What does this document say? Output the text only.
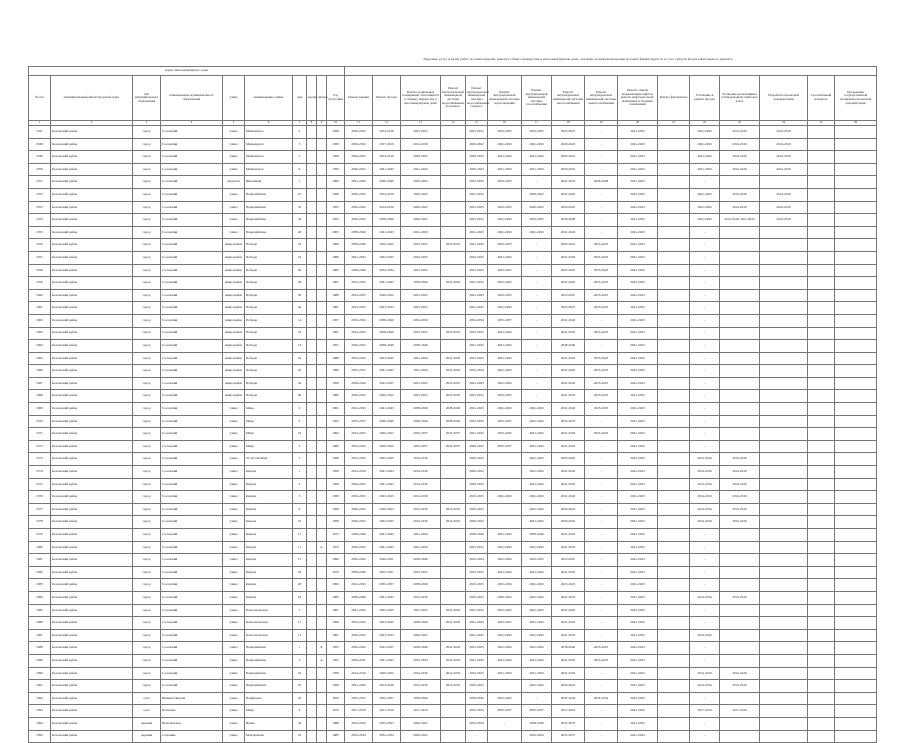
Перечень услуг и (или) работ по капитальному ремонту общего имущества в многоквартирном доме, оказание и (или) выполнение которых финансируется за счет средств фонда капитального ремонта
Адрес многоквартирного дома																									
№ п/п	муниципальный район/городской округ	тип муниципального образования	наименование муниципального образования	улица	наименование улицы	дом	корпус	литера	Год постройки	Ремонт крыши	Ремонт фасада	Ремонт подвальных помещений, относящихся к общему имуществу в многоквартирном доме	Ремонт внутридомовой инженерной системы водоснабжения: холодного	Ремонт внутридомовой инженерной системы водоснабжения: горячего	Ремонт внутридомовой инженерной системы водоотведения	Ремонт внутридомовой инженерной системы газоснабжения	Ремонт внутридомовой инженерной системы теплоснабжения	Ремонт внутридомовой инженерной системы электроснабжения	Ремонт, замена модернизация лифтов, ремонт лифтовых шахт, машинных и блочных помещений	Ремонт фундамента	Утепление и ремонт фасада	Установка коллективных (общедомовых) приборов учета	Разработка проектной документации	Строительный контроль	Проведение государственной экспертизы проектной документации
1	2	3	4	5	6	7	8	9	10	11	12	13	14	15	16	17	18	19	20	21	22	23	24	25	26
2347	Козельский район	город	Сосенский	улица	Маяковского	2			1958	2020-2022	2014-2016	2023-2025		2023-2025	2023-2025	2023-2025	2023-2025	-	2041-2043		2041-2043	2014-2016	2014-2016		
2348	Козельский район	город	Сосенский	улица	Маяковского	3			1958	2020-2022	2017-2019	2014-2016		2020-2022	2041-2043	2041-2043	2020-2022	-	2041-2043		2041-2043	2014-2016	2014-2016		
2349	Козельский район	город	Сосенский	улица	Маяковского	5			1958	2020-2022	2014-2016	2020-2022		2020-2022	2041-2043	2041-2043	2020-2022	-	2041-2043		2041-2043	2014-2016	2014-2016		
2350	Козельский район	город	Сосенский	улица	Маяковского	6			1956	2020-2022	2041-2043	2041-2043		2020-2022	2041-2043	2041-2043	2020-2022	-	2041-2043		2041-2043	2014-2016	2014-2016		
2351	Козельский район	город	Сосенский	переулок	Школьный	1			1960	2041-2043	2038-2040	2020-2022		2023-2025	2023-2025	-	2041-2043	2026-2028	2041-2043		-				
2352	Козельский район	город	Сосенский	улица	Первомайская	27			1958	2020-2022	2014-2016	2020-2022		2023-2025		2020-2022	2041-2043	-	2041-2043		2041-2043	2014-2016	2014-2016		
2353	Козельский район	город	Сосенский	улица	Первомайская	32			1955	2020-2022	2014-2016	2020-2022		2023-2025	2023-2025	2020-2022	2020-2022	-	2041-2043		2041-2043	2014-2016	2014-2016		
2354	Козельский район	город	Сосенский	улица	Первомайская	34			1953	2020-2022	2038-2040	2020-2022		2023-2025	2041-2043	2023-2025	2026-2028	-	2041-2043		2041-2043	2014-2016, 2021-2022	2014-2016		
2355	Козельский район	город	Сосенский	улица	Первомайская	40			2005	2038-2040	2041-2043	2041-2043		2041-2043	2041-2043	2041-2043	2041-2043	-	2041-2043		-				
2356	Козельский район	город	Сосенский	микрорайон	Победы	16			1968	2038-2040	2020-2022	2023-2025	2023-2025	2041-2043	2023-2025	-	2020-2022	2023-2025	2041-2043		-				
2357	Козельский район	город	Сосенский	микрорайон	Победы	24			1966	2041-2043	2023-2025	2023-2025		2023-2025	2041-2043	-	2041-2043	2023-2025	2041-2043		-				
2358	Козельский район	город	Сосенский	микрорайон	Победы	26			1985	2038-2040	2032-2034	2023-2025		2023-2025	2023-2025	-	2023-2025	2023-2025	2041-2043		-				
2359	Козельский район	город	Сосенский	микрорайон	Победы	29			1967	2023-2025	2041-2043	2038-2040	2041-2043	2023-2025	2023-2025	-	2041-2043	2023-2025	2041-2043		-				
2360	Козельский район	город	Сосенский	микрорайон	Победы	30			1988	2023-2025	2020-2022	2023-2025		2041-2043	2023-2025	-	2023-2025	2023-2025	2041-2043		-				
2361	Козельский район	город	Сосенский	микрорайон	Победы	44			1987	2023-2025	2023-2025	2023-2025		2041-2043	2041-2043	-	2023-2025	2023-2025	2041-2043		-				
2362	Козельский район	город	Сосенский	микрорайон	Победы	14			1957	2032-2034	2038-2040	2032-2034		2032-2034	2035-2037	-	2041-2043	-	2041-2043		-				
2363	Козельский район	город	Сосенский	микрорайон	Победы	16			1967	2023-2025	2038-2040	2023-2025	2023-2025	2023-2025	2041-2043	-	2041-2043	2023-2025	2041-2043		-				
2364	Козельский район	город	Сосенский	микрорайон	Победы	14			1957	2020-2022	2038-2040	2038-2040		2041-2043	2041-2043	-	2038-2040	-	2041-2043		-				
2365	Козельский район	город	Сосенский	микрорайон	Победы	18			1988	2023-2025	2023-2025	2041-2043	2041-2043	2023-2025	2041-2043	-	2041-2043	2023-2025	2041-2043		-				
2366	Козельский район	город	Сосенский	микрорайон	Победы	22			1999	2035-2037	2041-2043	2041-2043	2041-2043	2032-2034	2041-2043	-	2041-2043	2023-2025	2041-2043		-				
2367	Козельский район	город	Сосенский	микрорайон	Победы	34			1958	2038-2040	2023-2025	2023-2025	2023-2025	2041-2043	2041-2043	-	2041-2043	2023-2025	2041-2043		-				
2368	Козельский район	город	Сосенский	микрорайон	Победы	40			1980	2020-2022	2020-2022	2023-2025	2023-2025	2023-2025	2023-2025	-	2041-2043	2023-2025	2041-2043		-				
2369	Козельский район	город	Сосенский	улица	Мира	2			1961	2041-2043	2041-2043	2038-2040	2038-2040	2041-2043	2041-2043	2041-2043	2041-2043	2023-2025	2041-2043		-				
2370	Козельский район	город	Сосенский	улица	Мира	3			1953	2035-2037	2038-2040	2038-2040	2038-2040	2023-2025	2035-2037	2041-2043	2035-2037	-	2041-2043		-				
2371	Козельский район	город	Сосенский	улица	Мира	19			1964	2023-2025	2020-2022	2035-2037	2035-2037	2041-2043	2023-2025	2041-2043	2041-2043	2023-2025	2041-2043		-				
2372	Козельский район	город	Сосенский	улица	Мира	5			1982	2023-2025	2020-2022	2035-2037	2035-2037	2020-2022	2035-2037	2041-2043	2041-2043	-	2041-2043		-				
2373	Козельский район	город	Сосенский	улица	25 лет Октября	7			1958	2023-2025	2023-2025	2014-2016		2020-2022		2041-2043	2020-2022	-	2041-2043		2014-2016	2014-2016			
2374	Козельский район	город	Сосенский	улица	Кирова	1			1958	2014-2016	2041-2043	2014-2016		2020-2022		2041-2043	2041-2043	-	2041-2043		2014-2016	2014-2016			
2375	Козельский район	город	Сосенский	улица	Кирова	2			1958	2020-2022	2041-2043	2014-2016		2020-2022		2041-2043	2041-2043	-	2041-2043		2014-2016	2014-2016			
2376	Козельский район	город	Сосенский	улица	Кирова	3			1958	2023-2025	2023-2025	2014-2016		2023-2025	2041-2043	2041-2043	2041-2043	-	2041-2043		2014-2016	2014-2016			
2377	Козельский район	город	Сосенский	улица	Кирова	6			1958	2020-2022	2020-2022	2014-2016	2014-2016	2020-2022		2041-2043	2020-2022	-	2041-2043		2014-2016	2014-2016			
2378	Козельский район	город	Сосенский	улица	Кирова	10			1958	2020-2022	2023-2025	2014-2016	2014-2016	2020-2022		2041-2043	2020-2022	-	2041-2043		2014-2016	2014-2016			
2379	Козельский район	город	Сосенский	улица	Кирова	11			1973	2038-2040	2041-2043	2041-2043		2038-2040	2041-2043	2038-2040	2041-2043	-	2041-2043		-				
2380	Козельский район	город	Сосенский	улица	Кирова	11		А	1973	2020-2022	2041-2043	2041-2043		2023-2025	2041-2043	2041-2043	2041-2043	-	2041-2043		-				
2381	Козельский район	город	Сосенский	улица	Кирова	17			1990	2020-2022	2029-2031	2038-2040		2032-2034	2041-2043	2023-2025	2023-2025	-	2041-2043		-				
2382	Козельский район	город	Сосенский	улица	Кирова	18			1970	2038-2040	2035-2037	2023-2025		2023-2025	2041-2043	2041-2043	2041-2043	-	2041-2043		-				
2383	Козельский район	город	Сосенский	улица	Кирова	20			1995	2041-2043	2035-2037	2038-2040		2023-2025	2032-2034	2041-2043	2023-2025	-	2041-2043		-				
2384	Козельский район	город	Сосенский	улица	Кирова	24			1985	2038-2040	2041-2043	2014-2016		2020-2022	2020-2022	2041-2043	2041-2043	-	2041-2043		2014-2016	2014-2016			
2385	Козельский район	город	Сосенский	улица	Комсомольская	7			1961	2041-2043	2023-2025	2023-2025	2041-2043	2023-2025	2023-2025	2041-2043	2041-2043	-	2041-2043		-				
2386	Козельский район	город	Сосенский	улица	Комсомольская	11			1958	2023-2025	2023-2025	2038-2040	2041-2043	2041-2043	2023-2025	2041-2043	2041-2043	-	2041-2043		-				
2387	Козельский район	город	Сосенский	улица	Комсомольская	13			1961	2020-2022	2023-2025	2020-2022		2041-2043	2041-2043	2041-2043	2041-2043	-	2041-2043		2014-2016				
2388	Козельский район	город	Сосенский	улица	Первомайская	1		Б	1955	2020-2022	2023-2025	2038-2040	2041-2043	2023-2025	2041-2043	2041-2043	2038-2040	2023-2025	2041-2043		-				
2389	Козельский район	город	Сосенский	улица	Первомайская	3		А	1955	2029-2031	2041-2043	2032-2034	2041-2043	2041-2043	2041-2043	2041-2043	2041-2043	2023-2025	2041-2043		-				
2390	Козельский район	город	Сосенский	улица	Первомайская	23			1958	2014-2016	2020-2022	2014-2016	2014-2016	2023-2025	2041-2043	2041-2043	2041-2043	-	2041-2043		2014-2016	2014-2016			
2391	Козельский район	город	Сосенский	улица	Первомайская	25			1958	2041-2043	2014-2016	2014-2016	2014-2016	2020-2022		2041-2043	2020-2022	-	2041-2043		2014-2016	2014-2016			
2392	Козельский район	село	Нижние Прыски	улица	Парфенова	10			1970	2035-2037	2035-2037	2038-2040		2038-2040	2023-2025	-	2032-2034	2032-2034	2041-2043		-				
2393	Козельский район	село	Попелево	улица	Мира	9			1970	2017-2019	2017-2019	2017-2019		2032-2034	2035-2037	2035-2037	2017-2019	-	2041-2043		2017-2019	2017-2019			
2394	Козельский район	деревня	Ново-Казачье	улица	Новая	34			1988	2032-2034	2035-2037	2020-2022		2032-2034	-	2038-2040	2035-2037	-	2041-2043		-				
2395	Козельский район	деревня	Сорокино	улица	Молодежная	16			1983	2032-2034	2032-2034	2020-2022		-		2032-2034	2035-2037	-	2041-2043		-				
